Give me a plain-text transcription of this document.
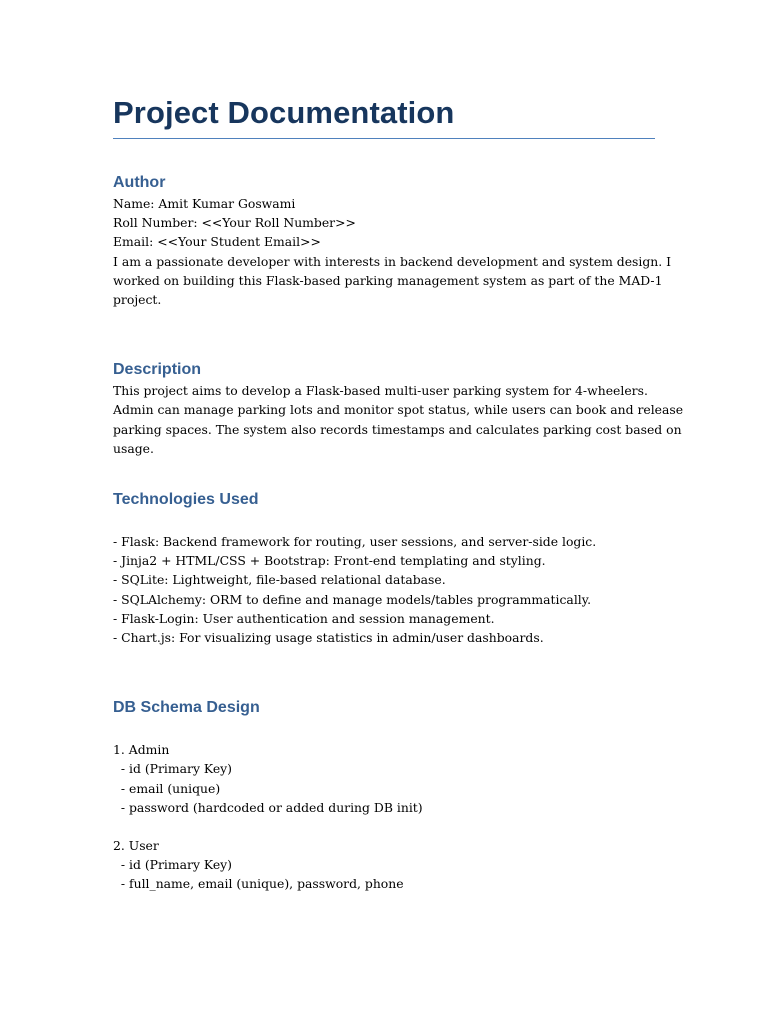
Project Documentation
Author

Name: Amit Kumar Goswami

Roll Number: <<Your Roll Number>>

Email: <<Your Student Email>>

I am a passionate developer with interests in backend development and system design. I
worked on building this Flask-based parking management system as part of the MAD-1
project.

Description

This project aims to develop a Flask-based multi-user parking system for 4-wheelers.
Admin can manage parking lots and monitor spot status, while users can book and release
parking spaces. The system also records timestamps and calculates parking cost based on
usage.

Technologies Used

- Flask: Backend framework for routing, user sessions, and server-side logic.

- Jinja2 + HTML/CSS + Bootstrap: Front-end templating and styling.

- SQLite: Lightweight, file-based relational database.

- SQLAlchemy: ORM to define and manage models/tables programmatically.

- Flask-Login: User authentication and session management.

- Chart.js: For visualizing usage statistics in admin/user dashboards.

DB Schema Design

1. Admin

- id (Primary Key)

- email (unique)

- password (hardcoded or added during DB init)

2. User

- id (Primary Key)

- full_name, email (unique), password, phone
